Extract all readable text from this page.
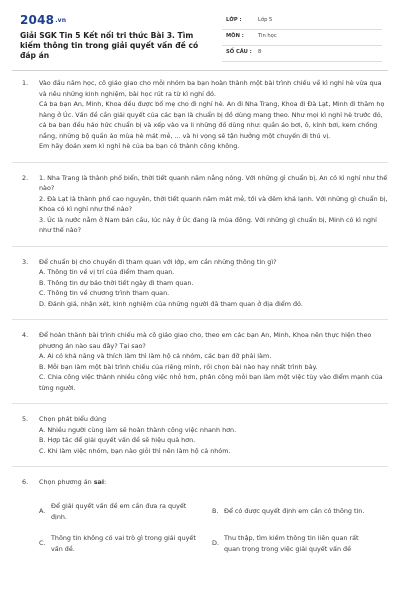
2048.vn
Giải SGK Tin 5 Kết nối tri thức Bài 3. Tìm kiếm thông tin trong giải quyết vấn đề có đáp án
LỚP :	Lớp 5
MÔN :	Tin học
SỐ CÂU : 8
1. Vào đầu năm học, cô giáo giao cho mỗi nhóm ba bạn hoàn thành một bài trình chiếu về kì nghỉ hè vừa qua và nêu những kinh nghiệm, bài học rút ra từ kì nghỉ đó.

Cả ba bạn An, Minh, Khoa đều được bố mẹ cho đi nghỉ hè. An đi Nha Trang, Khoa đi Đà Lạt, Minh đi thăm họ hàng ở Úc. Vấn đề cần giải quyết của các bạn là chuẩn bị đồ dùng mang theo. Như mọi kì nghỉ hè trước đó, cả ba bạn đều háo hức chuẩn bị và xếp vào va li những đồ dùng như: quần áo bơi, ô, kính bơi, kem chống nắng, những bộ quần áo mùa hè mát mẻ, ... và hi vọng sẽ tận hưởng một chuyến đi thú vị.

Em hãy đoán xem kì nghỉ hè của ba bạn có thành công không.

2. 1. Nha Trang là thành phố biển, thời tiết quanh năm nắng nóng. Với những gì chuẩn bị, An có kì nghỉ như thế nào?

2. Đà Lạt là thành phố cao nguyên, thời tiết quanh năm mát mẻ, tối và đêm khá lạnh. Với những gì chuẩn bị, Khoa có kì nghỉ như thế nào?

3. Úc là nước nằm ở Nam bán cầu, lúc này ở Úc đang là mùa đông. Với những gì chuẩn bị, Minh có kì nghỉ như thế nào?

3. Để chuẩn bị cho chuyến đi tham quan với lớp, em cần những thông tin gì?

A. Thông tin về vị trí của điểm tham quan.

B. Thông tin dự báo thời tiết ngày đi tham quan.

C. Thông tin về chương trình tham quan.

D. Đánh giá, nhận xét, kinh nghiệm của những người đã tham quan ở địa điểm đó.

4. Để hoàn thành bài trình chiếu mà cô giáo giao cho, theo em các bạn An, Minh, Khoa nên thực hiện theo phương án nào sau đây? Tại sao?

A. Ai có khả năng và thích làm thì làm hộ cả nhóm, các bạn đỡ phải làm.

B. Mỗi bạn làm một bài trình chiếu của riêng mình, rồi chọn bài nào hay nhất trình bày.

C. Chia công việc thành nhiều công việc nhỏ hơn, phân công mỗi bạn làm một việc tùy vào điểm mạnh của từng người.

5. Chọn phát biểu đúng

A. Nhiều người cùng làm sẽ hoàn thành công việc nhanh hơn.

B. Hợp tác để giải quyết vấn đề sẽ hiệu quả hơn.

C. Khi làm việc nhóm, bạn nào giỏi thì nên làm hộ cả nhóm.

6. Chọn phương án sai:

A.
Để giải quyết vấn đề em cần đưa ra quyết định.
B. Để có được quyết định em cần có thông tin.
C.
Thông tin không có vai trò gì trong giải quyết vấn đề.
D.
Thu thập, tìm kiếm thông tin liên quan rất quan trọng trong việc giải quyết vấn đề
